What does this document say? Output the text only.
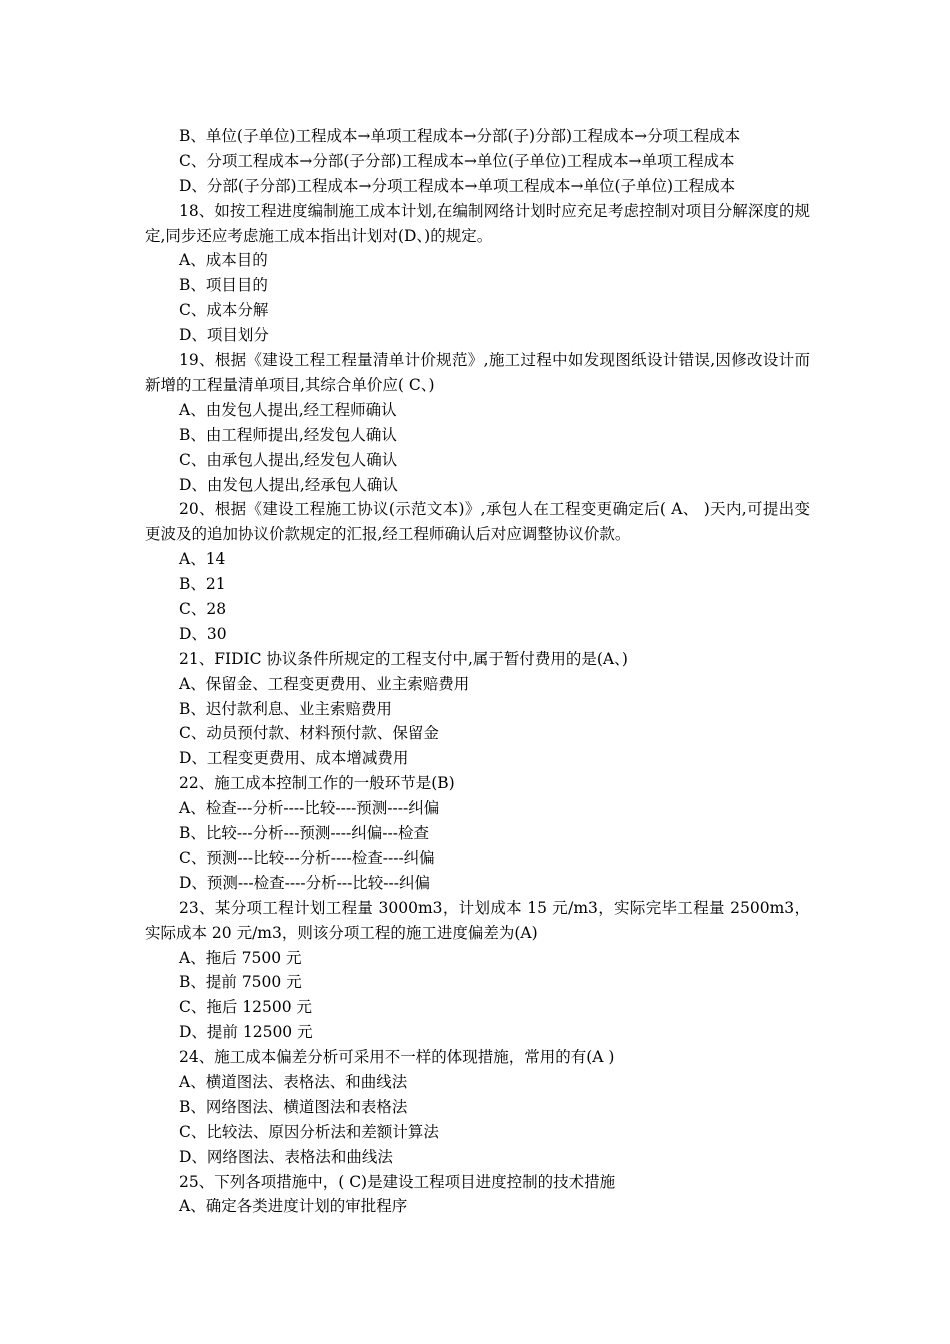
B、单位(子单位)工程成本→单项工程成本→分部(子)分部)工程成本→分项工程成本
C、分项工程成本→分部(子分部)工程成本→单位(子单位)工程成本→单项工程成本
D、分部(子分部)工程成本→分项工程成本→单项工程成本→单位(子单位)工程成本
18、如按工程进度编制施工成本计划,在编制网络计划时应充足考虑控制对项目分解深度的规定,同步还应考虑施工成本指出计划对(D、)的规定。
A、成本目的
B、项目目的
C、成本分解
D、项目划分
19、根据《建设工程工程量清单计价规范》,施工过程中如发现图纸设计错误,因修改设计而新增的工程量清单项目,其综合单价应( C、)
A、由发包人提出,经工程师确认
B、由工程师提出,经发包人确认
C、由承包人提出,经发包人确认
D、由发包人提出,经承包人确认
20、根据《建设工程施工协议(示范文本)》,承包人在工程变更确定后( A、 )天内,可提出变更波及的追加协议价款规定的汇报,经工程师确认后对应调整协议价款。
A、14
B、21
C、28
D、30
21、FIDIC 协议条件所规定的工程支付中,属于暂付费用的是(A、)
A、保留金、工程变更费用、业主索赔费用
B、迟付款利息、业主索赔费用
C、动员预付款、材料预付款、保留金
D、工程变更费用、成本增减费用
22、施工成本控制工作的一般环节是(B)
A、检查---分析----比较----预测----纠偏
B、比较---分析---预测----纠偏---检查
C、预测---比较---分析----检查----纠偏
D、预测---检查----分析---比较---纠偏
23、某分项工程计划工程量 3000m3，计划成本 15 元/m3，实际完毕工程量 2500m3，实际成本 20 元/m3，则该分项工程的施工进度偏差为(A)
A、拖后 7500 元
B、提前 7500 元
C、拖后 12500 元
D、提前 12500 元
24、施工成本偏差分析可采用不一样的体现措施，常用的有(A )
A、横道图法、表格法、和曲线法
B、网络图法、横道图法和表格法
C、比较法、原因分析法和差额计算法
D、网络图法、表格法和曲线法
25、下列各项措施中，( C)是建设工程项目进度控制的技术措施
A、确定各类进度计划的审批程序
